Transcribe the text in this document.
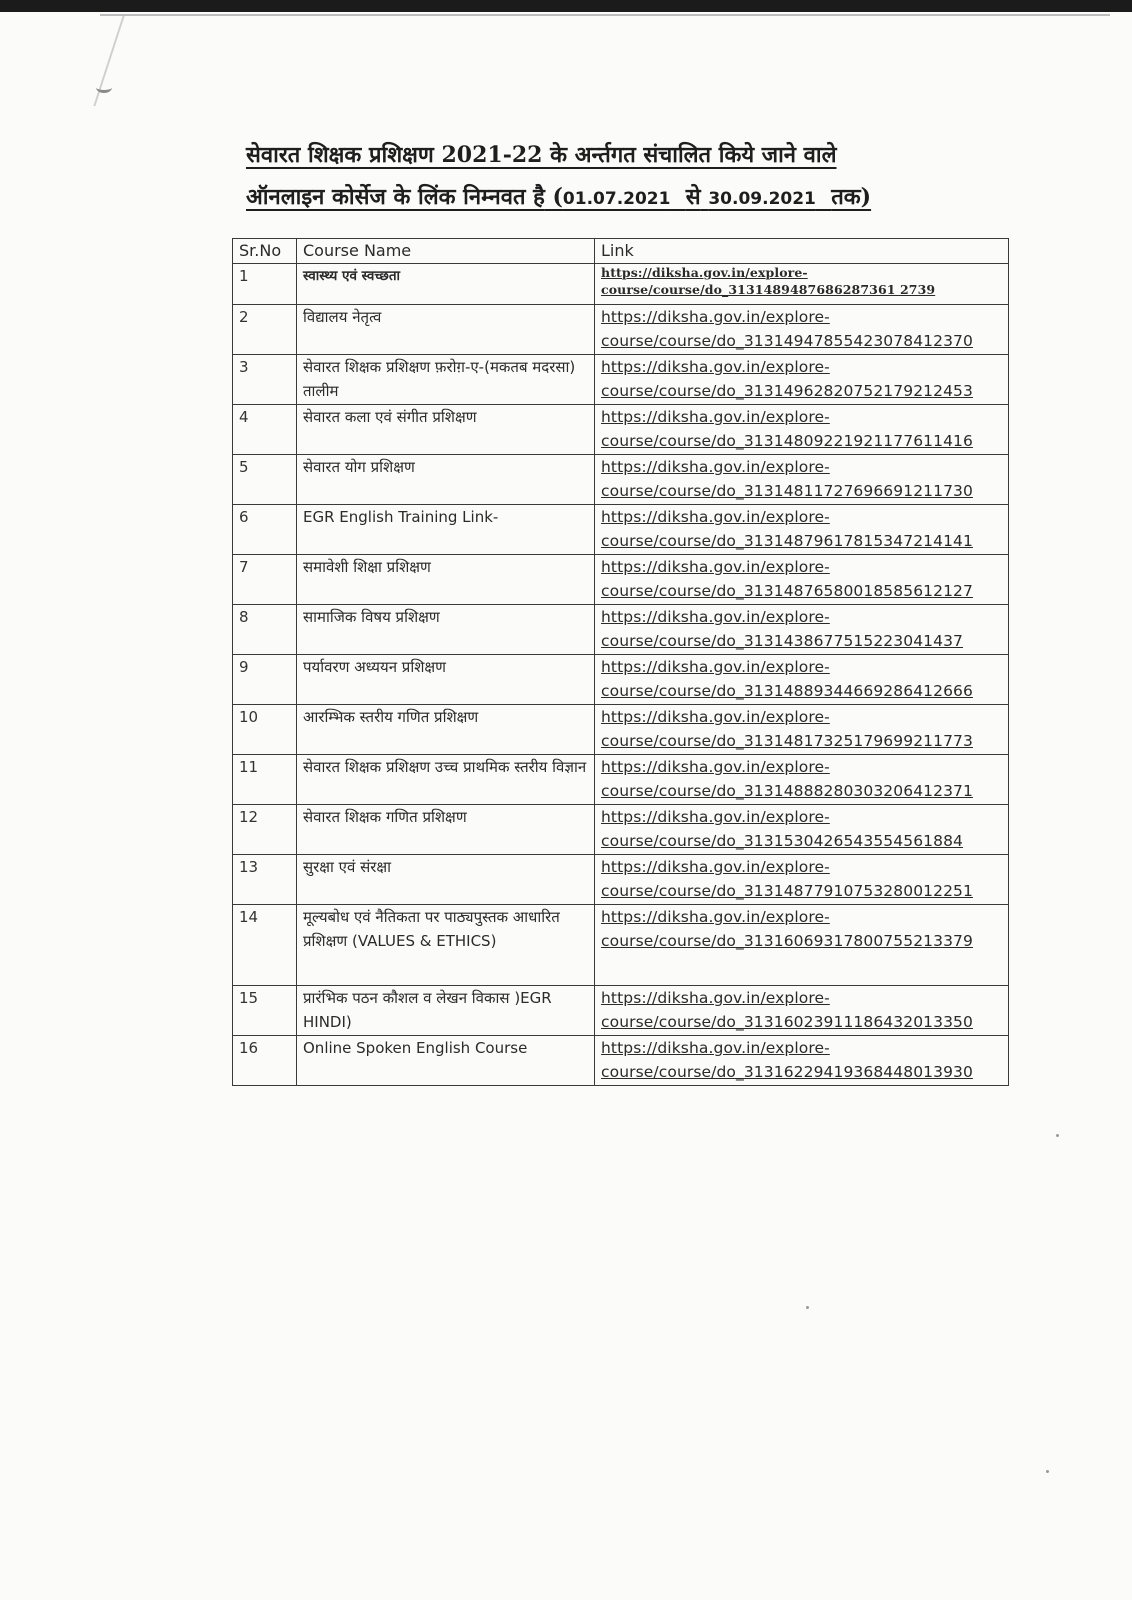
सेवारत शिक्षक प्रशिक्षण 2021-22 के अर्न्तगत संचालित किये जाने वाले
ऑनलाइन कोर्सेज के लिंक निम्नवत है (01.07.2021 से 30.09.2021 तक)
Sr.No	Course Name	Link
1	स्वास्थ्य एवं स्वच्छता	https://diksha.gov.in/explore-
course/course/do_3131489487686287361 2739

2	विद्यालय नेतृत्व	https://diksha.gov.in/explore-
course/course/do_31314947855423078412370

3	सेवारत शिक्षक प्रशिक्षण फ़रोग़-ए-(मकतब मदरसा) तालीम	https://diksha.gov.in/explore-
course/course/do_31314962820752179212453

4	सेवारत कला एवं संगीत प्रशिक्षण	https://diksha.gov.in/explore-
course/course/do_31314809221921177611416

5	सेवारत योग प्रशिक्षण	https://diksha.gov.in/explore-
course/course/do_31314811727696691211730

6	EGR English Training Link-	https://diksha.gov.in/explore-
course/course/do_31314879617815347214141

7	समावेशी शिक्षा प्रशिक्षण	https://diksha.gov.in/explore-
course/course/do_31314876580018585612127

8	सामाजिक विषय प्रशिक्षण	https://diksha.gov.in/explore-
course/course/do_3131438677515223041437

9	पर्यावरण अध्ययन प्रशिक्षण	https://diksha.gov.in/explore-
course/course/do_31314889344669286412666

10	आरम्भिक स्तरीय गणित प्रशिक्षण	https://diksha.gov.in/explore-
course/course/do_31314817325179699211773

11	सेवारत शिक्षक प्रशिक्षण उच्च प्राथमिक स्तरीय विज्ञान	https://diksha.gov.in/explore-
course/course/do_31314888280303206412371

12	सेवारत शिक्षक गणित प्रशिक्षण	https://diksha.gov.in/explore-
course/course/do_3131530426543554561884

13	सुरक्षा एवं संरक्षा	https://diksha.gov.in/explore-
course/course/do_31314877910753280012251

14	मूल्यबोध एवं नैतिकता पर पाठ्यपुस्तक आधारित प्रशिक्षण (VALUES & ETHICS)	https://diksha.gov.in/explore-
course/course/do_31316069317800755213379

15	प्रारंभिक पठन कौशल व लेखन विकास )EGR HINDI)	https://diksha.gov.in/explore-
course/course/do_31316023911186432013350

16	Online Spoken English Course	https://diksha.gov.in/explore-
course/course/do_31316229419368448013930
